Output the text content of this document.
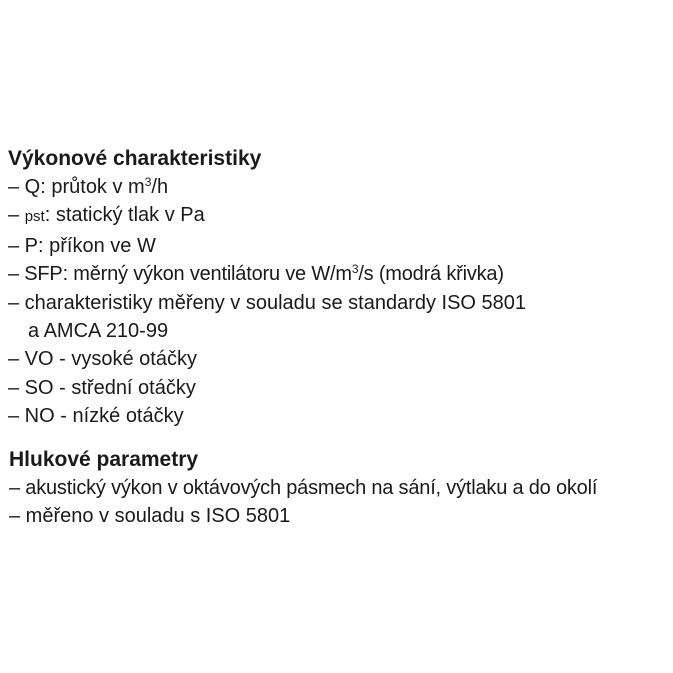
Výkonové charakteristiky

– Q: průtok v $m^3/h$

– pst: statický tlak v Pa

– P: příkon ve W

– SFP: měrný výkon ventilátoru ve $W/m^3/s$ (modrá křivka)

– charakteristiky měřeny v souladu se standardy ISO 5801

a AMCA 210-99

– VO - vysoké otáčky

– SO - střední otáčky

– NO - nízké otáčky

Hlukové parametry

– akustický výkon v oktávových pásmech na sání, výtlaku a do okolí

– měřeno v souladu s ISO 5801
